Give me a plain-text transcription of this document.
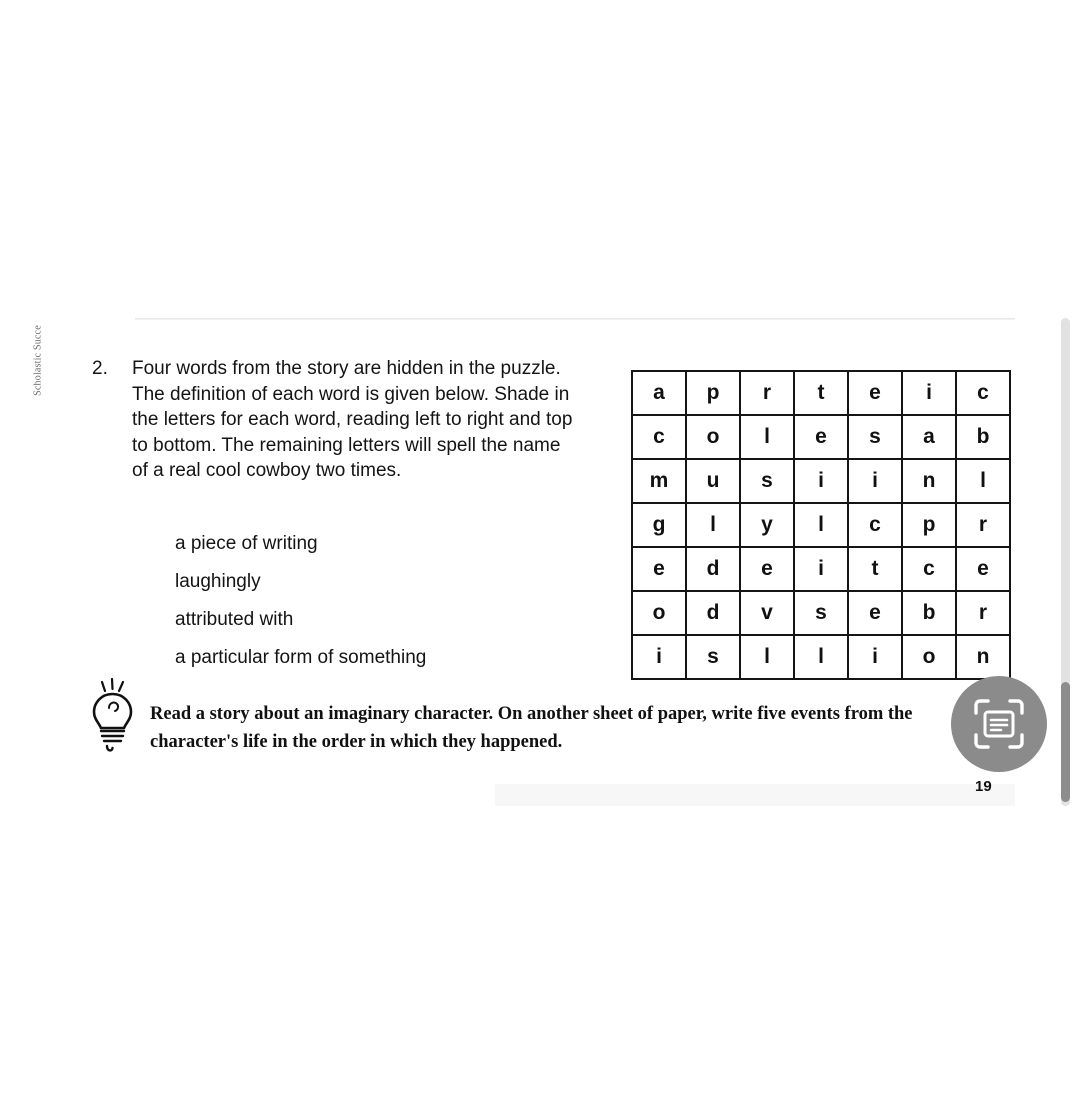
Scholastic Succe	2.	Four words from the story are hidden in the puzzle. The definition of each word is given below. Shade in the letters for each word, reading left to right and top to bottom. The remaining letters will spell the name of a real cool cowboy two times.
a piece of writing
laughingly
attributed with
a particular form of something
a	p	r	t	e	i	c
c	o	l	e	s	a	b
m	u	s	i	i	n	l
g	l	y	l	c	p	r
e	d	e	i	t	c	e
o	d	v	s	e	b	r
i	s	l	l	i	o	n
Read a story about an imaginary character. On another sheet of paper, write five events from the character's life in the order in which they happened.
19
